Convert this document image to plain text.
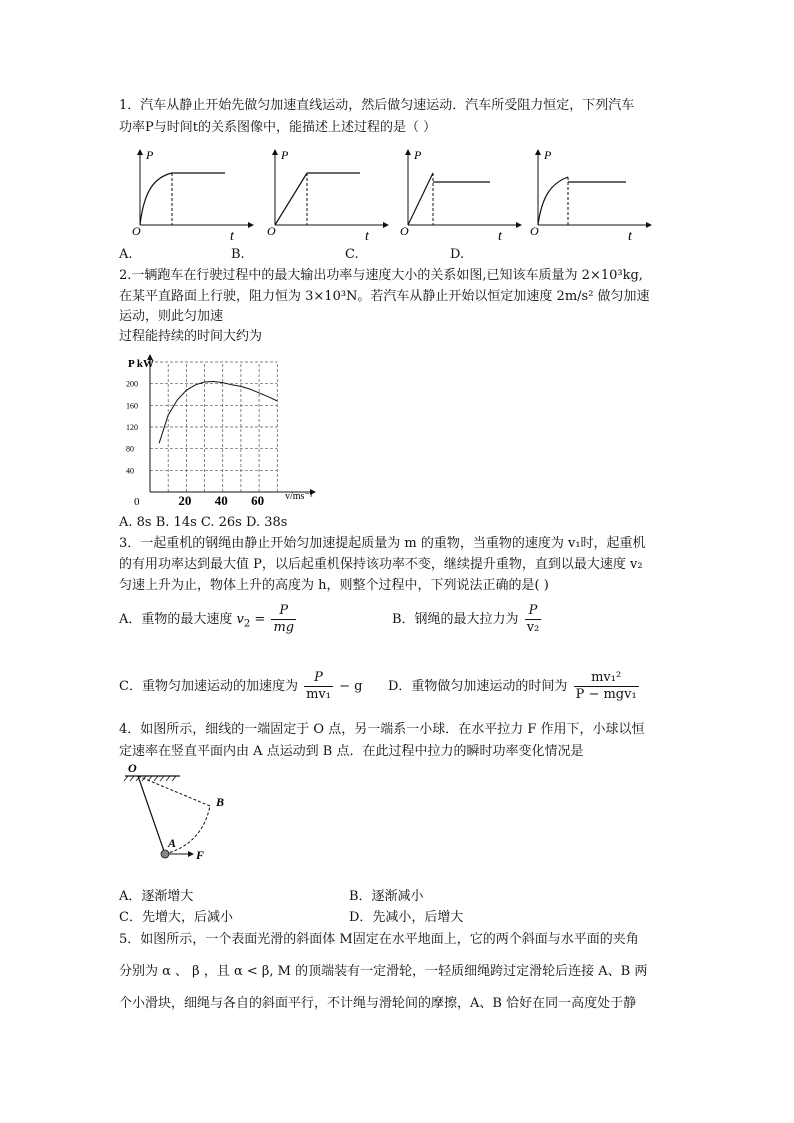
1．汽车从静止开始先做匀加速直线运动，然后做匀速运动．汽车所受阻力恒定，下列汽车
功率P与时间t的关系图像中，能描述上述过程的是（ ）
P
O	t
P
O	t
P
O	t
P
O	t
A.	B.	C.	D.
2.一辆跑车在行驶过程中的最大输出功率与速度大小的关系如图,已知该车质量为 2×10³kg,
在某平直路面上行驶，阻力恒为 3×10³N。若汽车从静止开始以恒定加速度 2m/s² 做匀加速
运动，则此匀加速
过程能持续的时间大约为
P kW
v/ms⁻¹
40
80
120
160
200
0	20 40 60
A. 8s B. 14s C. 26s D. 38s
3．一起重机的钢绳由静止开始匀加速提起质量为 m 的重物，当重物的速度为 v₁时，起重机
的有用功率达到最大值 P，以后起重机保持该功率不变，继续提升重物，直到以最大速度 v₂
匀速上升为止，物体上升的高度为 h，则整个过程中，下列说法正确的是( )
A．重物的最大速度 $v_2 = \frac{P}{mg}$	B．钢绳的最大拉力为 $\frac{P}{\text{v₂}}$
C．重物匀加速运动的加速度为 $\frac{P}{\text{mv₁}} - g$ D．重物做匀加速运动的时间为 $\frac{\text{mv₁²}}{\text{P − mgv₁}}$
4．如图所示，细线的一端固定于 O 点，另一端系一小球．在水平拉力 F 作用下，小球以恒
定速率在竖直平面内由 A 点运动到 B 点．在此过程中拉力的瞬时功率变化情况是
O
A
B
F
A．逐渐增大	B．逐渐减小
C．先增大，后减小	D．先减小，后增大
5．如图所示，一个表面光滑的斜面体 M固定在水平地面上，它的两个斜面与水平面的夹角
分别为 α 、 β ，且 α < β, M 的顶端装有一定滑轮，一轻质细绳跨过定滑轮后连接 A、B 两
个小滑块，细绳与各自的斜面平行，不计绳与滑轮间的摩擦，A、B 恰好在同一高度处于静
